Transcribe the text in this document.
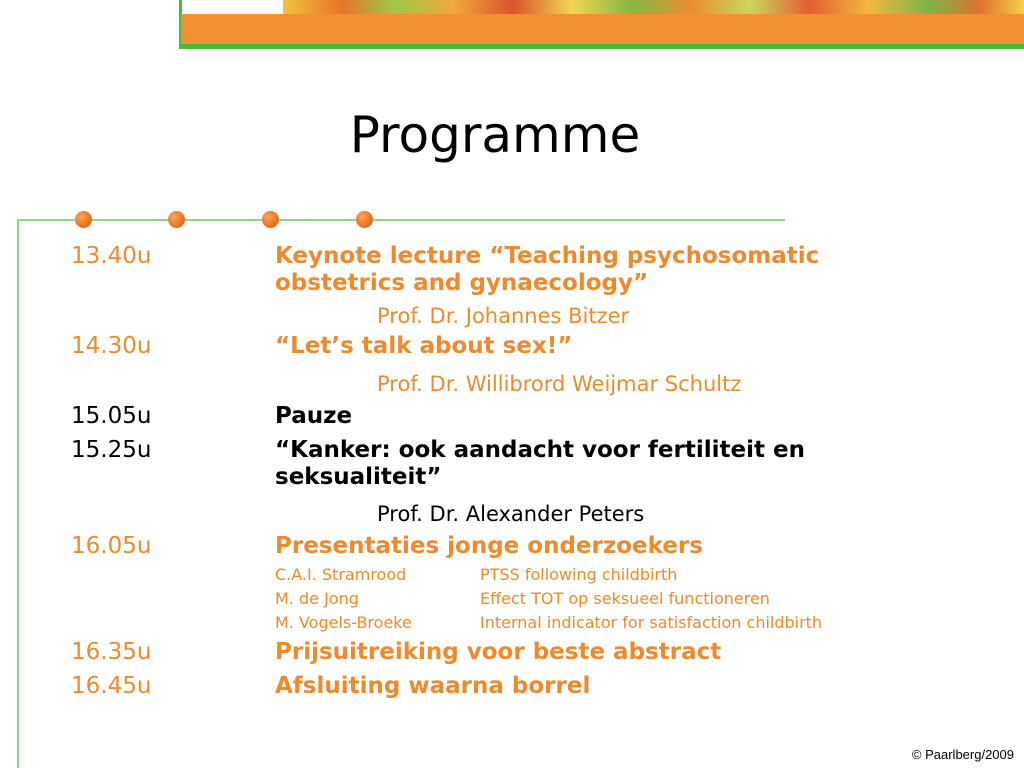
Programme
13.40u	Keynote lecture “Teaching psychosomatic obstetrics and gynaecology”
Prof. Dr. Johannes Bitzer
14.30u	“Let’s talk about sex!”
Prof. Dr. Willibrord Weijmar Schultz
15.05u	Pauze
15.25u	“Kanker: ook aandacht voor fertiliteit en seksualiteit”
Prof. Dr. Alexander Peters
16.05u	Presentaties jonge onderzoekers
C.A.I. Stramrood	PTSS following childbirth
M. de Jong	Effect TOT op seksueel functioneren
M. Vogels-Broeke	Internal indicator for satisfaction childbirth
16.35u	Prijsuitreiking voor beste abstract
16.45u	Afsluiting waarna borrel
© Paarlberg/2009
